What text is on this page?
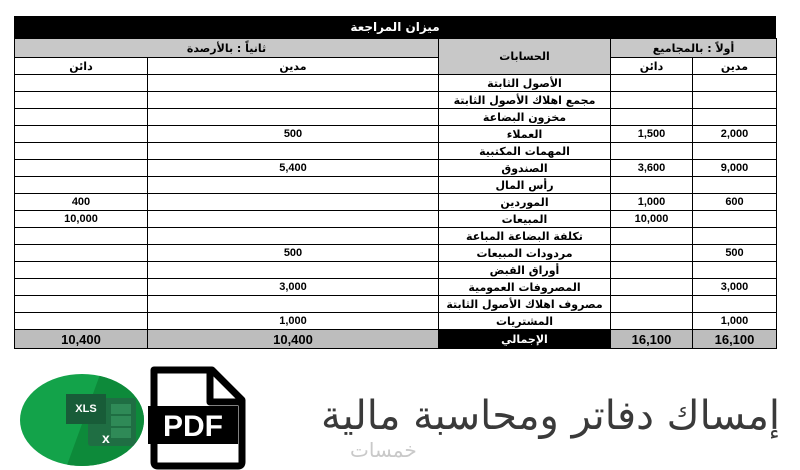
ميزان المراجعة
ثانياً : بالأرصدة		الحسابات	أولاً : بالمجاميع	
دائن	مدين		دائن	مدين
		الأصول الثابتة		
		مجمع اهلاك الأصول الثابتة		
		مخزون البضاعة		
	500	العملاء	1,500	2,000
		المهمات المكتبية		
	5,400	الصندوق	3,600	9,000
		رأس المال		
400		الموردين	1,000	600
10,000		المبيعات	10,000	
		تكلفة البضاعة المباعة		
	500	مردودات المبيعات		500
		أوراق القبض		
	3,000	المصروفات العمومية		3,000
		مصروف اهلاك الأصول الثابتة		
	1,000	المشتريات		1,000
10,400	10,400	الإجمالي	16,100	16,100
XLS
x PDF	إمساك دفاتر ومحاسبة مالية
خمسات
